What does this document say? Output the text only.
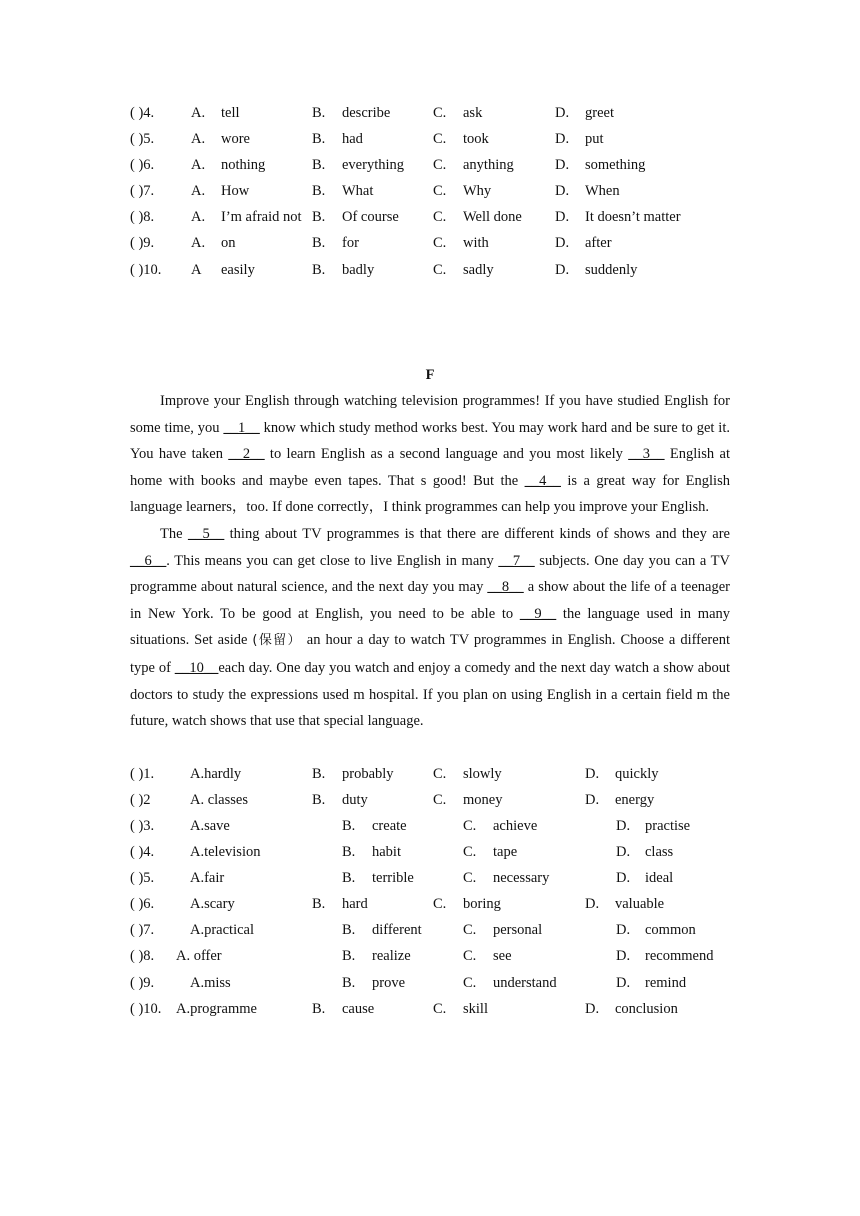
( )4.	A. tell	B. describe	C. ask	D. greet
( )5.	A. wore	B. had	C. took	D. put
( )6.	A. nothing	B. everything C. anything	D. something
( )7.	A. How	B. What	C. Why	D. When
( )8.	A. I’m afraid not B. Of course C. Well done D. It doesn’t matter
( )9.	A. on	B. for	C. with	D. after
( )10. A easily	B. badly	C. sadly	D. suddenly
F

Improve your English through watching television programmes! If you have studied English for some time, you __1__ know which study method works best. You may work hard and be sure to get it. You have taken __2__ to learn English as a second language and you most likely __3__ English at home with books and maybe even tapes. That s good! But the __4__ is a great way for English language learners，too. If done correctly，I think programmes can help you improve your English.

The __5__ thing about TV programmes is that there are different kinds of shows and they are __6__. This means you can get close to live English in many __7__ subjects. One day you can a TV programme about natural science, and the next day you may __8__ a show about the life of a teenager in New York. To be good at English, you need to be able to __9__ the language used in many situations. Set aside (保留） an hour a day to watch TV programmes in English. Choose a different type of __10__each day. One day you watch and enjoy a comedy and the next day watch a show about doctors to study the expressions used m hospital. If you plan on using English in a certain field m the future, watch shows that use that special language.

( )1. A.hardly	B. probably	C. slowly	D. quickly
( )2	A. classes	B. duty	C. money	D. energy
( )3. A.save	B. create	C. achieve	D. practise
( )4. A.television	B. habit	C. tape	D. class
( )5. A.fair	B. terrible	C. necessary	D. ideal
( )6. A.scary	B. hard	C. boring	D. valuable
( )7. A.practical	B. different	C. personal	D. common
( )8. A. offer	B. realize	C. see	D. recommend
( )9. A.miss	B. prove	C. understand	D. remind
( )10. A.programme	B. cause	C. skill	D. conclusion
